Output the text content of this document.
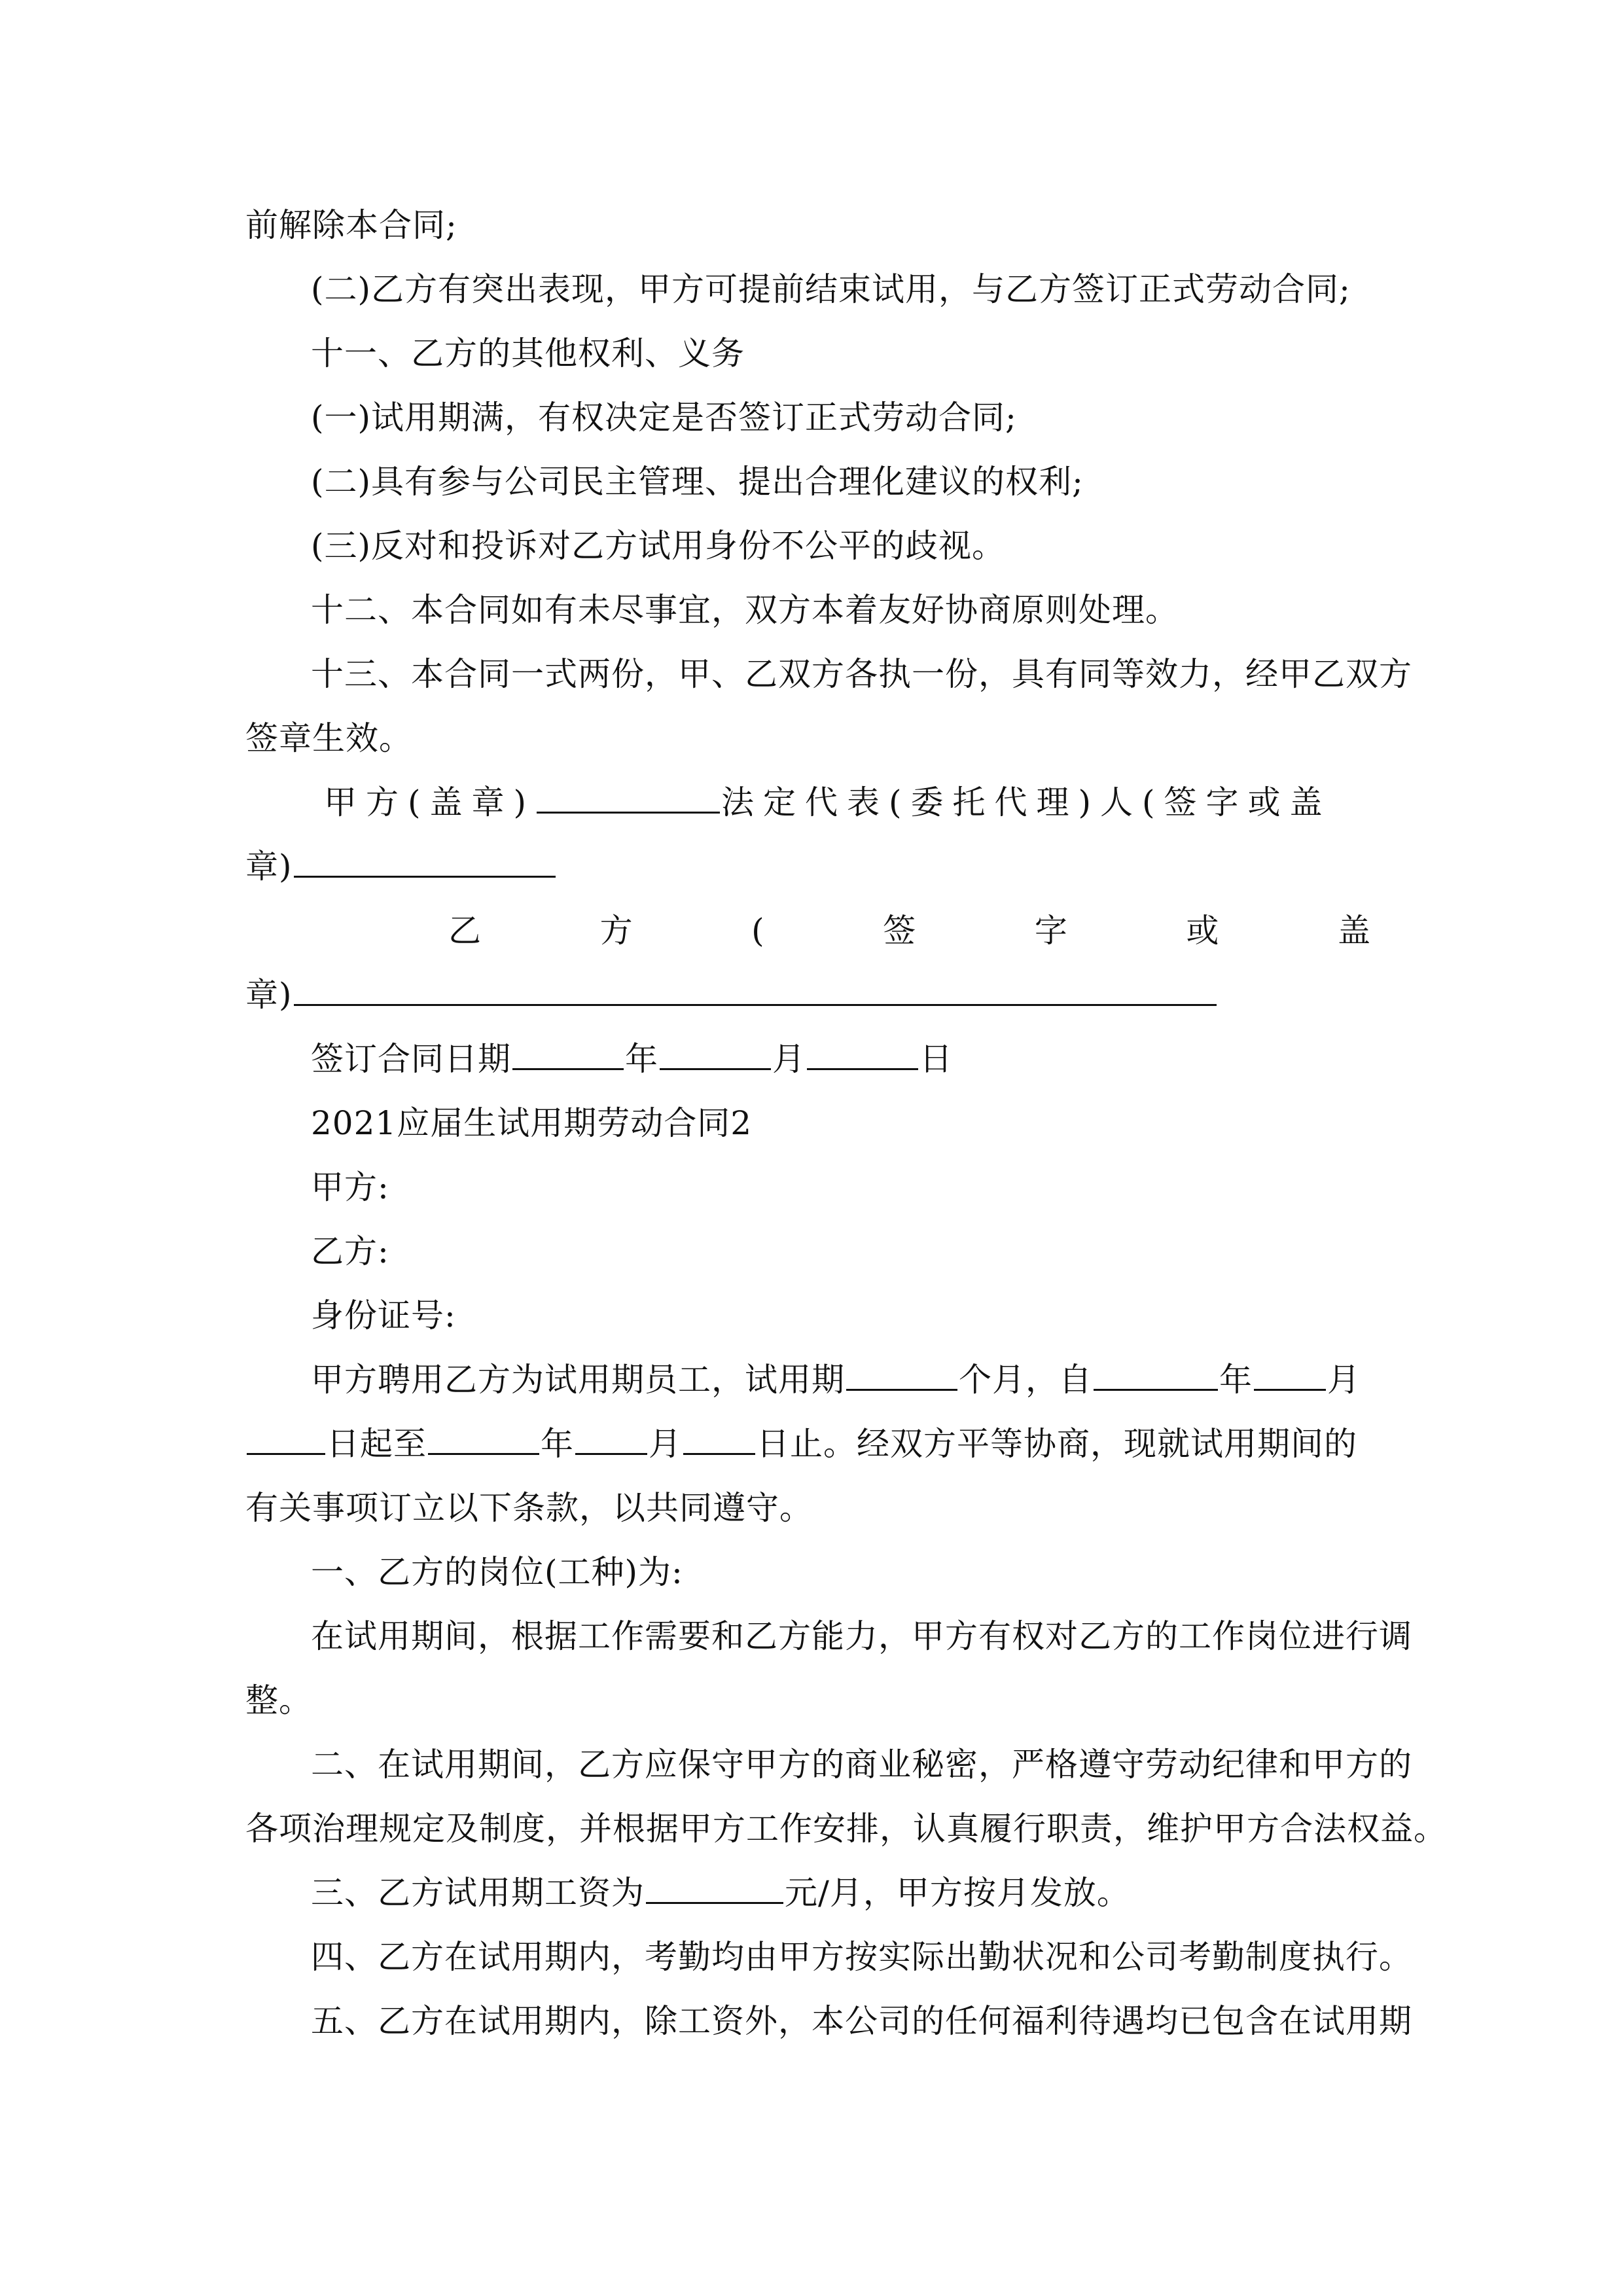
前解除本合同;
(二)乙方有突出表现，甲方可提前结束试用，与乙方签订正式劳动合同;
十一、乙方的其他权利、义务
(一)试用期满，有权决定是否签订正式劳动合同;
(二)具有参与公司民主管理、提出合理化建议的权利;
(三)反对和投诉对乙方试用身份不公平的歧视。
十二、本合同如有未尽事宜，双方本着友好协商原则处理。
十三、本合同一式两份，甲、乙双方各执一份，具有同等效力，经甲乙双方
签章生效。
甲方(盖章)	法定代表(委托代理)人(签字或盖
章)
乙	方	(	签	字	或	盖
章)
签订合同日期	年	月	日
2021应届生试用期劳动合同2
甲方:
乙方:
身份证号:
甲方聘用乙方为试用期员工，试用期	个月，自	年 月
日起至	年 月 日止。经双方平等协商，现就试用期间的
有关事项订立以下条款，以共同遵守。
一、乙方的岗位(工种)为:
在试用期间，根据工作需要和乙方能力，甲方有权对乙方的工作岗位进行调
整。
二、在试用期间，乙方应保守甲方的商业秘密，严格遵守劳动纪律和甲方的
各项治理规定及制度，并根据甲方工作安排，认真履行职责，维护甲方合法权益。
三、乙方试用期工资为	元/月，甲方按月发放。
四、乙方在试用期内，考勤均由甲方按实际出勤状况和公司考勤制度执行。
五、乙方在试用期内，除工资外，本公司的任何福利待遇均已包含在试用期
